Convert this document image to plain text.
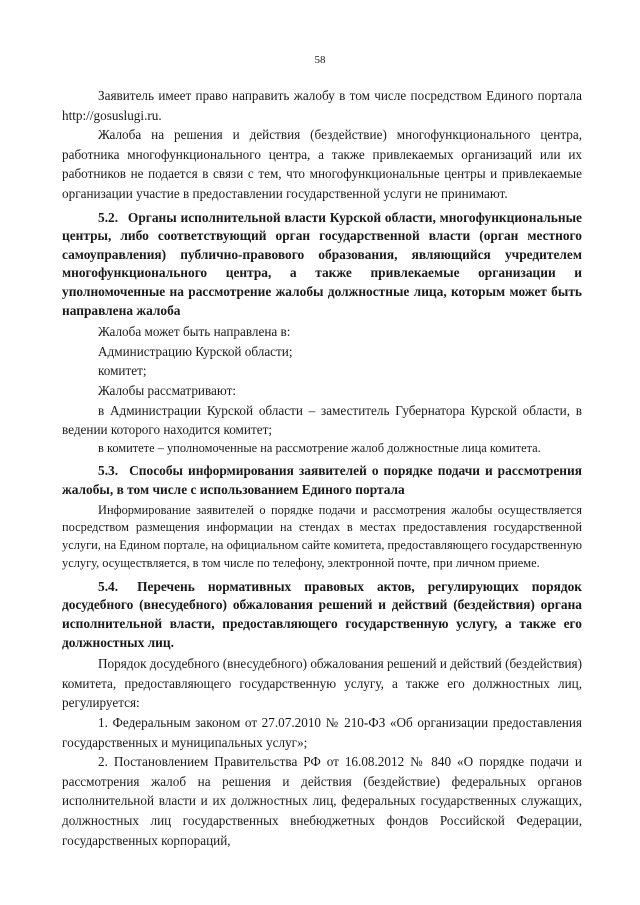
58

Заявитель имеет право направить жалобу в том числе посредством Единого портала http://gosuslugi.ru.

Жалоба на решения и действия (бездействие) многофункционального центра, работника многофункционального центра, а также привлекаемых организаций или их работников не подается в связи с тем, что многофункциональные центры и привлекаемые организации участие в предоставлении государственной услуги не принимают.

5.2. Органы исполнительной власти Курской области, многофункциональные центры, либо соответствующий орган государственной власти (орган местного самоуправления) публично-правового образования, являющийся учредителем многофункционального центра, а также привлекаемые организации и уполномоченные на рассмотрение жалобы должностные лица, которым может быть направлена жалоба

Жалоба может быть направлена в:

Администрацию Курской области;

комитет;

Жалобы рассматривают:

в Администрации Курской области – заместитель Губернатора Курской области, в ведении которого находится комитет;

в комитете – уполномоченные на рассмотрение жалоб должностные лица комитета.

5.3. Способы информирования заявителей о порядке подачи и рассмотрения жалобы, в том числе с использованием Единого портала

Информирование заявителей о порядке подачи и рассмотрения жалобы осуществляется посредством размещения информации на стендах в местах предоставления государственной услуги, на Едином портале, на официальном сайте комитета, предоставляющего государственную услугу, осуществляется, в том числе по телефону, электронной почте, при личном приеме.

5.4. Перечень нормативных правовых актов, регулирующих порядок досудебного (внесудебного) обжалования решений и действий (бездействия) органа исполнительной власти, предоставляющего государственную услугу, а также его должностных лиц.

Порядок досудебного (внесудебного) обжалования решений и действий (бездействия) комитета, предоставляющего государственную услугу, а также его должностных лиц, регулируется:

1. Федеральным законом от 27.07.2010 № 210-ФЗ «Об организации предоставления государственных и муниципальных услуг»;

2. Постановлением Правительства РФ от 16.08.2012 № 840 «О порядке подачи и рассмотрения жалоб на решения и действия (бездействие) федеральных органов исполнительной власти и их должностных лиц, федеральных государственных служащих, должностных лиц государственных внебюджетных фондов Российской Федерации, государственных корпораций,
